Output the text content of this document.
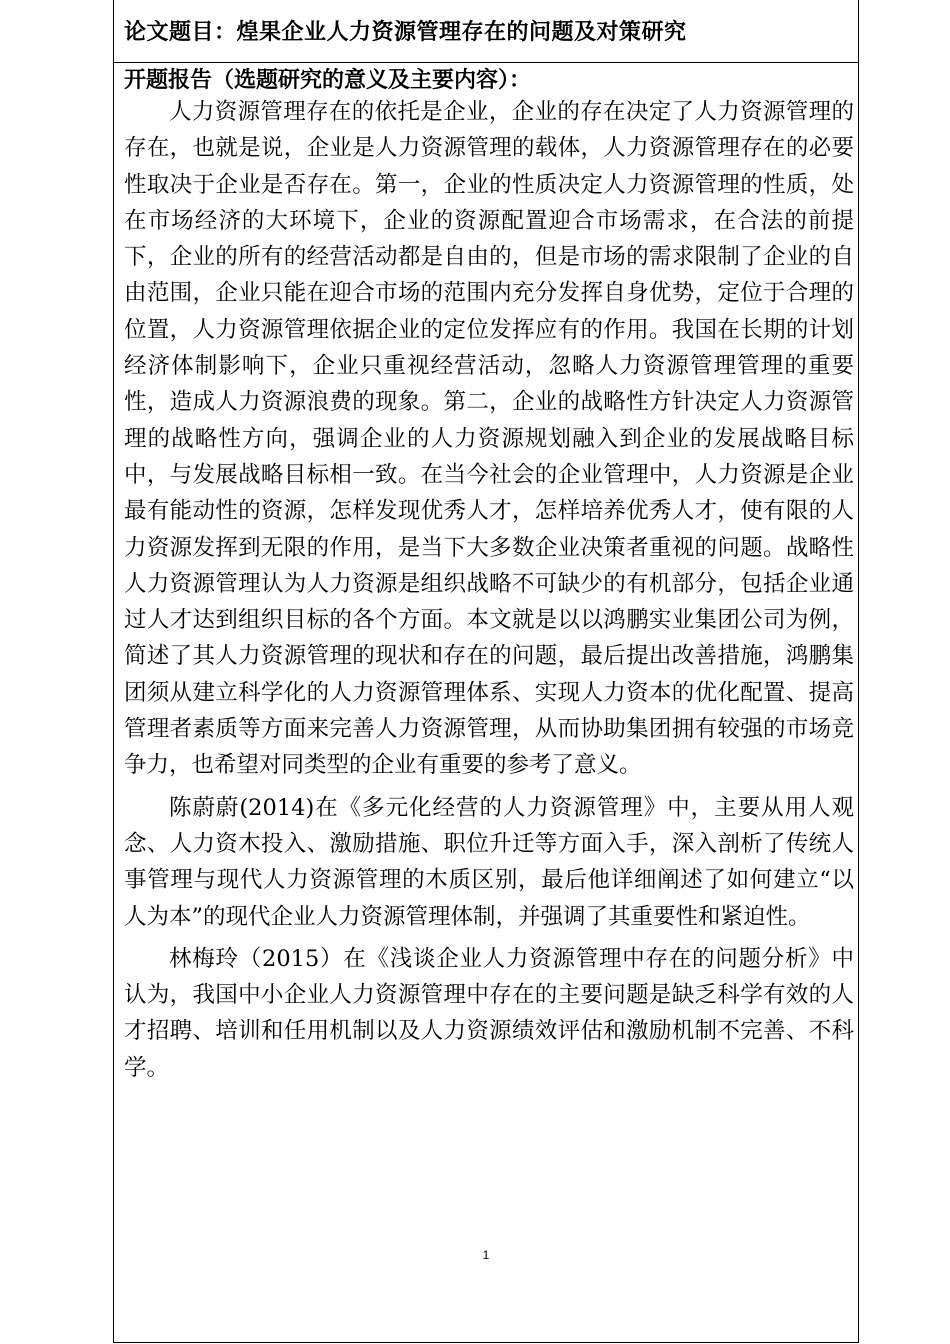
论文题目：煌果企业人力资源管理存在的问题及对策研究
开题报告（选题研究的意义及主要内容）：

人力资源管理存在的依托是企业，企业的存在决定了人力资源管理的存在，也就是说，企业是人力资源管理的载体，人力资源管理存在的必要性取决于企业是否存在。第一，企业的性质决定人力资源管理的性质，处在市场经济的大环境下，企业的资源配置迎合市场需求，在合法的前提下，企业的所有的经营活动都是自由的，但是市场的需求限制了企业的自由范围，企业只能在迎合市场的范围内充分发挥自身优势，定位于合理的位置，人力资源管理依据企业的定位发挥应有的作用。我国在长期的计划经济体制影响下，企业只重视经营活动，忽略人力资源管理管理的重要性，造成人力资源浪费的现象。第二，企业的战略性方针决定人力资源管理的战略性方向，强调企业的人力资源规划融入到企业的发展战略目标中，与发展战略目标相一致。在当今社会的企业管理中，人力资源是企业最有能动性的资源，怎样发现优秀人才，怎样培养优秀人才，使有限的人力资源发挥到无限的作用，是当下大多数企业决策者重视的问题。战略性人力资源管理认为人力资源是组织战略不可缺少的有机部分，包括企业通过人才达到组织目标的各个方面。本文就是以以鸿鹏实业集团公司为例，简述了其人力资源管理的现状和存在的问题，最后提出改善措施，鸿鹏集团须从建立科学化的人力资源管理体系、实现人力资本的优化配置、提高管理者素质等方面来完善人力资源管理，从而协助集团拥有较强的市场竞争力，也希望对同类型的企业有重要的参考了意义。

陈蔚蔚(2014)在《多元化经营的人力资源管理》中，主要从用人观念、人力资木投入、激励措施、职位升迁等方面入手，深入剖析了传统人事管理与现代人力资源管理的木质区别，最后他详细阐述了如何建立“以人为本”的现代企业人力资源管理体制，并强调了其重要性和紧迫性。

林梅玲（2015）在《浅谈企业人力资源管理中存在的问题分析》中认为，我国中小企业人力资源管理中存在的主要问题是缺乏科学有效的人才招聘、培训和任用机制以及人力资源绩效评估和激励机制不完善、不科学。

1
